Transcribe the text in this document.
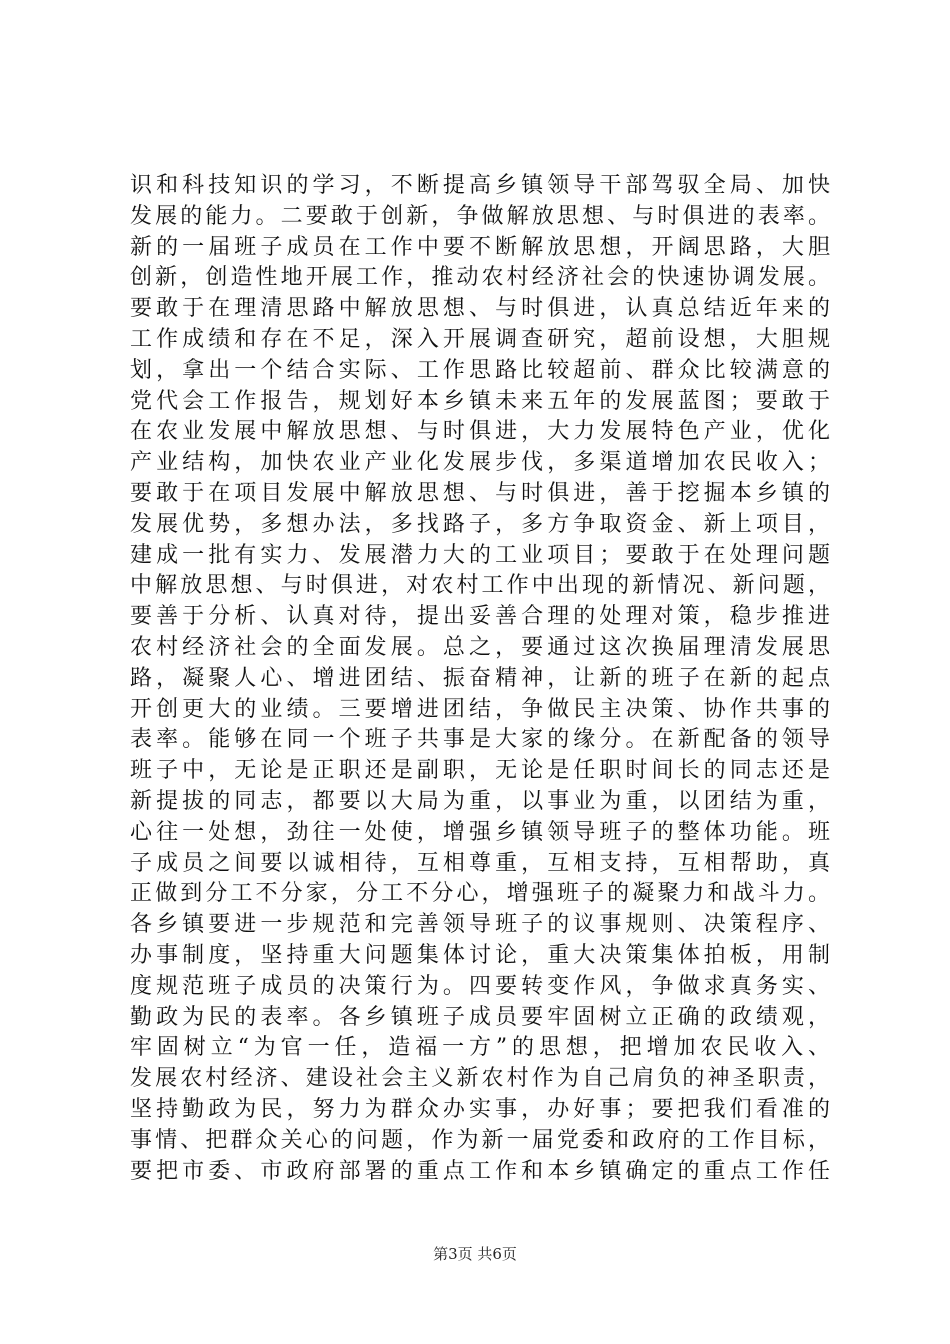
识和科技知识的学习，不断提高乡镇领导干部驾驭全局、加快
发展的能力。二要敢于创新，争做解放思想、与时俱进的表率。
新的一届班子成员在工作中要不断解放思想，开阔思路，大胆
创新，创造性地开展工作，推动农村经济社会的快速协调发展。
要敢于在理清思路中解放思想、与时俱进，认真总结近年来的
工作成绩和存在不足，深入开展调查研究，超前设想，大胆规
划，拿出一个结合实际、工作思路比较超前、群众比较满意的
党代会工作报告，规划好本乡镇未来五年的发展蓝图；要敢于
在农业发展中解放思想、与时俱进，大力发展特色产业，优化
产业结构，加快农业产业化发展步伐，多渠道增加农民收入；
要敢于在项目发展中解放思想、与时俱进，善于挖掘本乡镇的
发展优势，多想办法，多找路子，多方争取资金、新上项目，
建成一批有实力、发展潜力大的工业项目；要敢于在处理问题
中解放思想、与时俱进，对农村工作中出现的新情况、新问题，
要善于分析、认真对待，提出妥善合理的处理对策，稳步推进
农村经济社会的全面发展。总之，要通过这次换届理清发展思
路，凝聚人心、增进团结、振奋精神，让新的班子在新的起点
开创更大的业绩。三要增进团结，争做民主决策、协作共事的
表率。能够在同一个班子共事是大家的缘分。在新配备的领导
班子中，无论是正职还是副职，无论是任职时间长的同志还是
新提拔的同志，都要以大局为重，以事业为重，以团结为重，
心往一处想，劲往一处使，增强乡镇领导班子的整体功能。班
子成员之间要以诚相待，互相尊重，互相支持，互相帮助，真
正做到分工不分家，分工不分心，增强班子的凝聚力和战斗力。
各乡镇要进一步规范和完善领导班子的议事规则、决策程序、
办事制度，坚持重大问题集体讨论，重大决策集体拍板，用制
度规范班子成员的决策行为。四要转变作风，争做求真务实、
勤政为民的表率。各乡镇班子成员要牢固树立正确的政绩观，
牢固树立“为官一任，造福一方”的思想，把增加农民收入、
发展农村经济、建设社会主义新农村作为自己肩负的神圣职责，
坚持勤政为民，努力为群众办实事，办好事；要把我们看准的
事情、把群众关心的问题，作为新一届党委和政府的工作目标，
要把市委、市政府部署的重点工作和本乡镇确定的重点工作任
第3页 共6页
